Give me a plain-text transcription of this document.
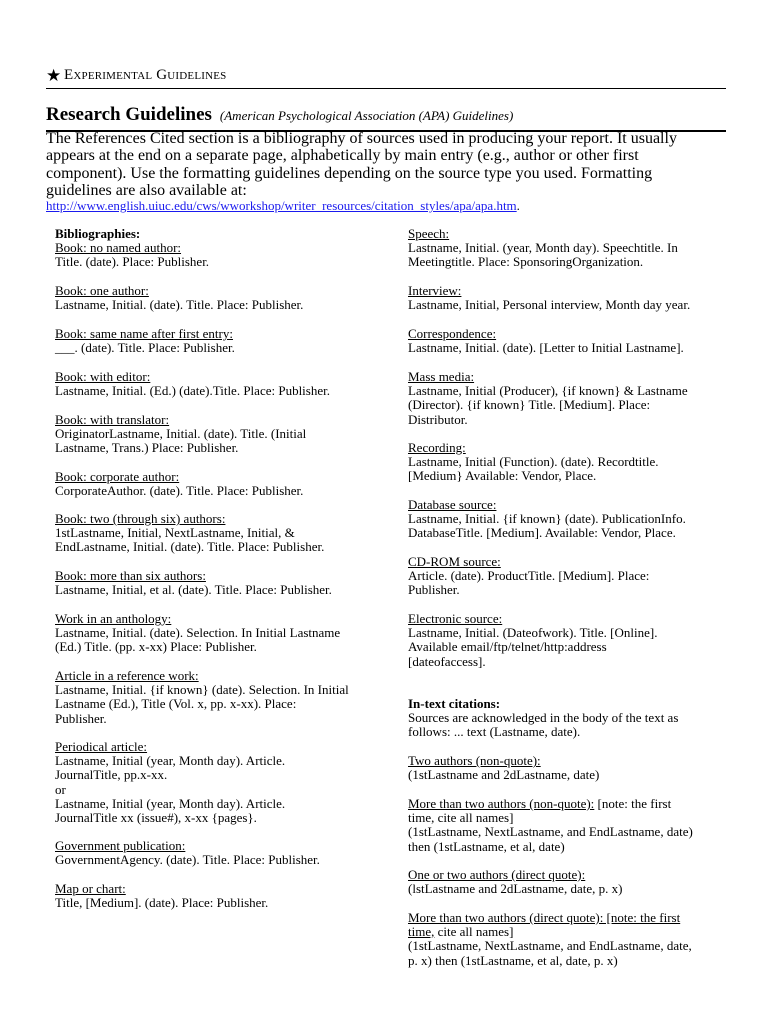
★ Experimental Guidelines
Research Guidelines (American Psychological Association (APA) Guidelines)
The References Cited section is a bibliography of sources used in producing your report. It usually
appears at the end on a separate page, alphabetically by main entry (e.g., author or other first
component). Use the formatting guidelines depending on the source type you used. Formatting
guidelines are also available at:
http://www.english.uiuc.edu/cws/wworkshop/writer_resources/citation_styles/apa/apa.htm.
Bibliographies:
Book: no named author:
Title. (date). Place: Publisher.
Book: one author:
Lastname, Initial. (date). Title. Place: Publisher.
Book: same name after first entry:
___. (date). Title. Place: Publisher.
Book: with editor:
Lastname, Initial. (Ed.) (date).Title. Place: Publisher.
Book: with translator:
OriginatorLastname, Initial. (date). Title. (Initial
Lastname, Trans.) Place: Publisher.
Book: corporate author:
CorporateAuthor. (date). Title. Place: Publisher.
Book: two (through six) authors:
1stLastname, Initial, NextLastname, Initial, &
EndLastname, Initial. (date). Title. Place: Publisher.
Book: more than six authors:
Lastname, Initial, et al. (date). Title. Place: Publisher.
Work in an anthology:
Lastname, Initial. (date). Selection. In Initial Lastname
(Ed.) Title. (pp. x-xx) Place: Publisher.
Article in a reference work:
Lastname, Initial. {if known} (date). Selection. In Initial
Lastname (Ed.), Title (Vol. x, pp. x-xx). Place:
Publisher.
Periodical article:
Lastname, Initial (year, Month day). Article.
JournalTitle, pp.x-xx.
or
Lastname, Initial (year, Month day). Article.
JournalTitle xx (issue#), x-xx {pages}.
Government publication:
GovernmentAgency. (date). Title. Place: Publisher.
Map or chart:
Title, [Medium]. (date). Place: Publisher.
Speech:
Lastname, Initial. (year, Month day). Speechtitle. In
Meetingtitle. Place: SponsoringOrganization.
Interview:
Lastname, Initial, Personal interview, Month day year.
Correspondence:
Lastname, Initial. (date). [Letter to Initial Lastname].
Mass media:
Lastname, Initial (Producer), {if known} & Lastname
(Director). {if known} Title. [Medium]. Place:
Distributor.
Recording:
Lastname, Initial (Function). (date). Recordtitle.
[Medium} Available: Vendor, Place.
Database source:
Lastname, Initial. {if known} (date). PublicationInfo.
DatabaseTitle. [Medium]. Available: Vendor, Place.
CD-ROM source:
Article. (date). ProductTitle. [Medium]. Place:
Publisher.
Electronic source:
Lastname, Initial. (Dateofwork). Title. [Online].
Available email/ftp/telnet/http:address
[dateofaccess].
In-text citations:
Sources are acknowledged in the body of the text as
follows: ... text (Lastname, date).
Two authors (non-quote):
(1stLastname and 2dLastname, date)
More than two authors (non-quote): [note: the first
time, cite all names]
(1stLastname, NextLastname, and EndLastname, date)
then (1stLastname, et al, date)
One or two authors (direct quote):
(lstLastname and 2dLastname, date, p. x)
More than two authors (direct quote): [note: the first
time, cite all names]
(1stLastname, NextLastname, and EndLastname, date,
p. x) then (1stLastname, et al, date, p. x)
